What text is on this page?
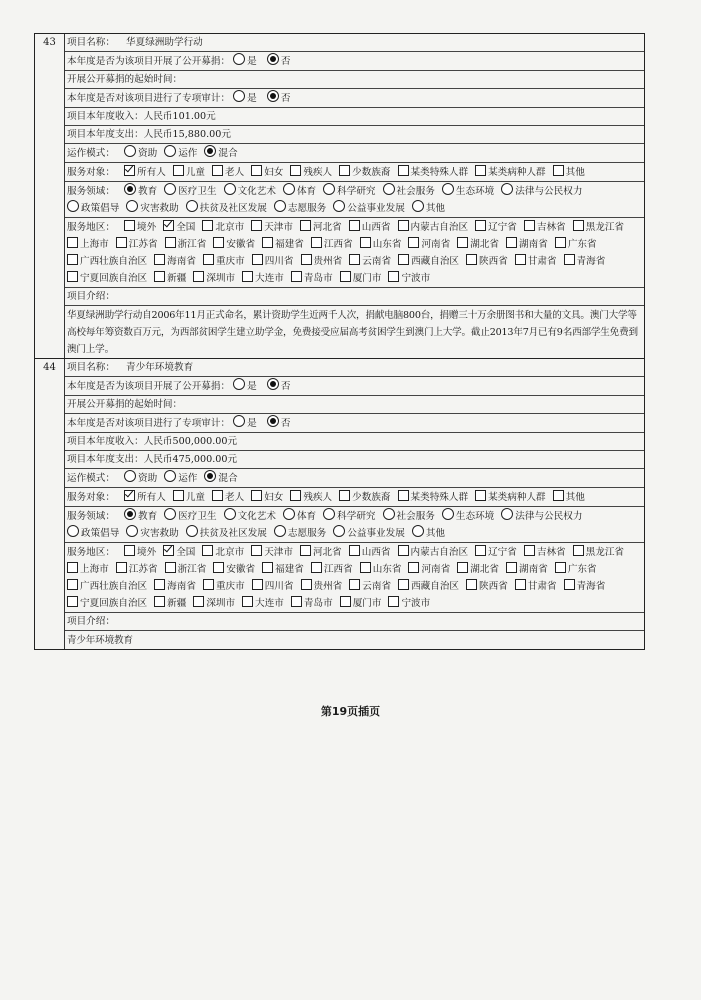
43	项目名称： 华夏绿洲助学行动
本年度是否为该项目开展了公开募捐： 是	否
开展公开募捐的起始时间：
本年度是否对该项目进行了专项审计： 是	否
项目本年度收入：人民币101.00元
项目本年度支出：人民币15,880.00元
运作模式： 资助 运作 混合
服务对象： 所有人 儿童 老人 妇女 残疾人 少数族裔 某类特殊人群 某类病种人群 其他
服务领域： 教育 医疗卫生 文化艺术 体育 科学研究 社会服务 生态环境 法律与公民权力政策倡导 灾害救助 扶贫及社区发展 志愿服务 公益事业发展 其他
服务地区： 境外 全国 北京市 天津市 河北省 山西省 内蒙古自治区 辽宁省 吉林省 黑龙江省上海市 江苏省 浙江省 安徽省 福建省 江西省 山东省 河南省 湖北省 湖南省 广东省广西壮族自治区 海南省 重庆市 四川省 贵州省 云南省 西藏自治区 陕西省 甘肃省 青海省宁夏回族自治区 新疆 深圳市 大连市 青岛市 厦门市 宁波市
项目介绍：
华夏绿洲助学行动自2006年11月正式命名，累计资助学生近两千人次，捐献电脑800台，捐赠三十万余册图书和大量的文具。澳门大学等高校每年筹资数百万元，为西部贫困学生建立助学金，免费接受应届高考贫困学生到澳门上大学。截止2013年7月已有9名西部学生免费到澳门上学。
44	项目名称： 青少年环境教育
本年度是否为该项目开展了公开募捐： 是	否
开展公开募捐的起始时间：
本年度是否对该项目进行了专项审计： 是	否
项目本年度收入：人民币500,000.00元
项目本年度支出：人民币475,000.00元
运作模式： 资助 运作 混合
服务对象： 所有人 儿童 老人 妇女 残疾人 少数族裔 某类特殊人群 某类病种人群 其他
服务领域： 教育 医疗卫生 文化艺术 体育 科学研究 社会服务 生态环境 法律与公民权力政策倡导 灾害救助 扶贫及社区发展 志愿服务 公益事业发展 其他
服务地区： 境外 全国 北京市 天津市 河北省 山西省 内蒙古自治区 辽宁省 吉林省 黑龙江省上海市 江苏省 浙江省 安徽省 福建省 江西省 山东省 河南省 湖北省 湖南省 广东省广西壮族自治区 海南省 重庆市 四川省 贵州省 云南省 西藏自治区 陕西省 甘肃省 青海省宁夏回族自治区 新疆 深圳市 大连市 青岛市 厦门市 宁波市
项目介绍：
青少年环境教育
第19页插页
